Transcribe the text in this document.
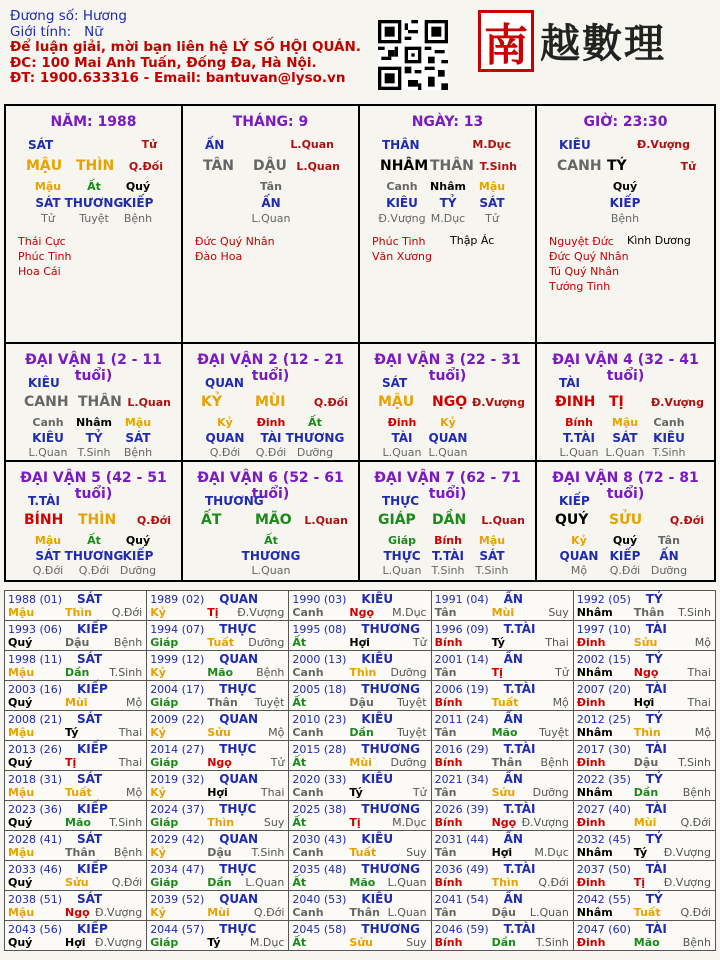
Đương số: Hương
Giới tính: Nữ
Để luận giải, mời bạn liên hệ LÝ SỐ HỘI QUÁN.
ĐC: 100 Mai Anh Tuấn, Đống Đa, Hà Nội.
ĐT: 1900.633316 - Email: bantuvan@lyso.vn
南 越數理
NĂM: 1988
SÁT	Tử
MẬU THÌN Q.Đối
Mậu Ất Quý
SÁT THƯƠNG KIẾP
Tử Tuyệt Bệnh
Thái Cực
Phúc Tinh
Hoa Cái
THÁNG: 9
ẤN	L.Quan
TÂN DẬU L.Quan
Tân
ẤN
L.Quan
Đức Quý Nhân
Đào Hoa
NGÀY: 13
THÂN	M.Dục
NHÂM THÂN T.Sinh
Canh Nhâm Mậu
KIÊU TỶ SÁT
Đ.Vượng M.Dục Tử
Phúc Tinh
Văn Xương
Thập Ác
GIỜ: 23:30
KIÊU	Đ.Vượng
CANH TÝ	Tử
Quý
KIẾP
Bệnh
Nguyệt Đức
Đức Quý Nhân
Tú Quý Nhân
Tướng Tinh
Kình Dương
ĐẠI VẬN 1 (2 - 11 tuổi)
KIÊU
CANH THÂN L.Quan
Canh Nhâm Mậu
KIÊU TỶ SÁT
L.Quan T.Sinh Bệnh
ĐẠI VẬN 2 (12 - 21 tuổi)
QUAN
KỶ MÙI	Q.Đối
Kỷ Đinh Ất
QUAN TÀI THƯƠNG
Q.Đới Q.Đới Dưỡng
ĐẠI VẬN 3 (22 - 31 tuổi)
SÁT
MẬU NGỌ Đ.Vượng
Đinh Kỷ
TÀI QUAN
L.Quan L.Quan
ĐẠI VẬN 4 (32 - 41 tuổi)
TÀI
ĐINH TỊ Đ.Vượng
Bính Mậu Canh
T.TÀI SÁT KIÊU
L.Quan L.Quan T.Sinh
ĐẠI VẬN 5 (42 - 51 tuổi)
T.TÀI
BÍNH THÌN Q.Đới
Mậu Ất Quý
SÁT THƯƠNG KIẾP
Q.Đới Q.Đới Dưỡng
ĐẠI VẬN 6 (52 - 61 tuổi)
THƯƠNG
ẤT MÃO L.Quan
Ất
THƯƠNG
L.Quan
ĐẠI VẬN 7 (62 - 71 tuổi)
THỰC
GIÁP DẦN L.Quan
Giáp Bính Mậu
THỰC T.TÀI SÁT
L.Quan T.Sinh T.Sinh
ĐẠI VẬN 8 (72 - 81 tuổi)
KIẾP
QUÝ SỬU	Q.Đới
Kỷ Quý Tân
QUAN KIẾP ẤN
Mộ Q.Đới Dưỡng
1988 (01) SÁT
Mậu	Thìn Q.Đới
1989 (02) QUAN
Kỷ	Tị Đ.Vượng
1990 (03) KIÊU
Canh Ngọ M.Dục
1991 (04) ẤN
Tân	Mùi	Suy
1992 (05) TỶ
Nhâm Thân T.Sinh
1993 (06) KIẾP
Quý	Dậu Bệnh
1994 (07) THỰC
Giáp	Tuất Dưỡng
1995 (08) THƯƠNG
Ất	Hợi	Tử
1996 (09) T.TÀI
Bính	Tý	Thai
1997 (10) TÀI
Đinh	Sửu	Mộ
1998 (11) SÁT
Mậu	Dần T.Sinh
1999 (12) QUAN
Kỷ	Mão Bệnh
2000 (13) KIÊU
Canh Thìn Dưỡng
2001 (14) ẤN
Tân	Tị	Tử
2002 (15) TỶ
Nhâm Ngọ	Thai
2003 (16) KIẾP
Quý	Mùi	Mộ
2004 (17) THỰC
Giáp	Thân Tuyệt
2005 (18) THƯƠNG
Ất	Dậu Tuyệt
2006 (19) T.TÀI
Bính	Tuất	Mộ
2007 (20) TÀI
Đinh	Hợi	Thai
2008 (21) SÁT
Mậu	Tý	Thai
2009 (22) QUAN
Kỷ	Sửu	Mộ
2010 (23) KIÊU
Canh Dần Tuyệt
2011 (24) ẤN
Tân	Mão Tuyệt
2012 (25) TỶ
Nhâm Thìn	Mộ
2013 (26) KIẾP
Quý	Tị	Thai
2014 (27) THỰC
Giáp	Ngọ	Tử
2015 (28) THƯƠNG
Ất	Mùi Dưỡng
2016 (29) T.TÀI
Bính	Thân Bệnh
2017 (30) TÀI
Đinh	Dậu T.Sinh
2018 (31) SÁT
Mậu	Tuất	Mộ
2019 (32) QUAN
Kỷ	Hợi	Thai
2020 (33) KIÊU
Canh Tý	Tử
2021 (34) ẤN
Tân	Sửu Dưỡng
2022 (35) TỶ
Nhâm Dần Bệnh
2023 (36) KIẾP
Quý	Mão T.Sinh
2024 (37) THỰC
Giáp	Thìn	Suy
2025 (38) THƯƠNG
Ất	Tị	M.Dục
2026 (39) T.TÀI
Bính	Ngọ Đ.Vượng
2027 (40) TÀI
Đinh	Mùi Q.Đới
2028 (41) SÁT
Mậu	Thân Bệnh
2029 (42) QUAN
Kỷ	Dậu T.Sinh
2030 (43) KIÊU
Canh Tuất	Suy
2031 (44) ẤN
Tân	Hợi M.Dục
2032 (45) TỶ
Nhâm Tý Đ.Vượng
2033 (46) KIẾP
Quý	Sửu Q.Đới
2034 (47) THỰC
Giáp	Dần L.Quan
2035 (48) THƯƠNG
Ất	Mão L.Quan
2036 (49) T.TÀI
Bính	Thìn Q.Đới
2037 (50) TÀI
Đinh	Tị Đ.Vượng
2038 (51) SÁT
Mậu	Ngọ Đ.Vượng
2039 (52) QUAN
Kỷ	Mùi Q.Đới
2040 (53) KIÊU
Canh Thân L.Quan
2041 (54) ẤN
Tân	Dậu L.Quan
2042 (55) TỶ
Nhâm Tuất Q.Đới
2043 (56) KIẾP
Quý	Hợi Đ.Vượng
2044 (57) THỰC
Giáp	Tý	M.Dục
2045 (58) THƯƠNG
Ất	Sửu	Suy
2046 (59) T.TÀI
Bính	Dần T.Sinh
2047 (60) TÀI
Đinh	Mão Bệnh
